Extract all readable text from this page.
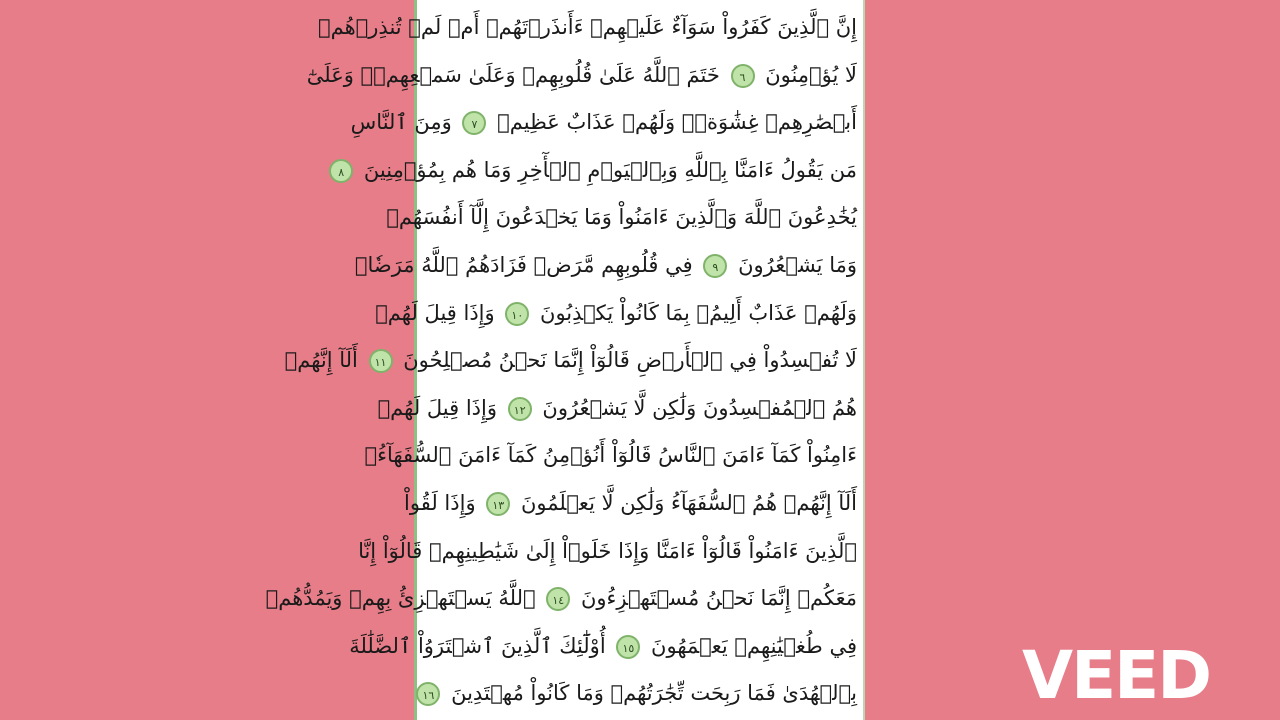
إِنَّ ٱلَّذِينَ كَفَرُواْ سَوَآءٌ عَلَيۡهِمۡ ءَأَنذَرۡتَهُمۡ أَمۡ لَمۡ تُنذِرۡهُمۡ
لَا يُؤۡمِنُونَ ٦ خَتَمَ ٱللَّهُ عَلَىٰ قُلُوبِهِمۡ وَعَلَىٰ سَمۡعِهِمۡۖ وَعَلَىٰٓ
أَبۡصَٰرِهِمۡ غِشَٰوَةٞۖ وَلَهُمۡ عَذَابٌ عَظِيمٞ ٧ وَمِنَ ٱلنَّاسِ
مَن يَقُولُ ءَامَنَّا بِٱللَّهِ وَبِٱلۡيَوۡمِ ٱلۡأٓخِرِ وَمَا هُم بِمُؤۡمِنِينَ ٨
يُخَٰدِعُونَ ٱللَّهَ وَٱلَّذِينَ ءَامَنُواْ وَمَا يَخۡدَعُونَ إِلَّآ أَنفُسَهُمۡ
وَمَا يَشۡعُرُونَ ٩ فِي قُلُوبِهِم مَّرَضٞ فَزَادَهُمُ ٱللَّهُ مَرَضٗاۖ
وَلَهُمۡ عَذَابٌ أَلِيمُۢ بِمَا كَانُواْ يَكۡذِبُونَ ١٠ وَإِذَا قِيلَ لَهُمۡ
لَا تُفۡسِدُواْ فِي ٱلۡأَرۡضِ قَالُوٓاْ إِنَّمَا نَحۡنُ مُصۡلِحُونَ ١١ أَلَآ إِنَّهُمۡ
هُمُ ٱلۡمُفۡسِدُونَ وَلَٰكِن لَّا يَشۡعُرُونَ ١٢ وَإِذَا قِيلَ لَهُمۡ
ءَامِنُواْ كَمَآ ءَامَنَ ٱلنَّاسُ قَالُوٓاْ أَنُؤۡمِنُ كَمَآ ءَامَنَ ٱلسُّفَهَآءُۗ
أَلَآ إِنَّهُمۡ هُمُ ٱلسُّفَهَآءُ وَلَٰكِن لَّا يَعۡلَمُونَ ١٣ وَإِذَا لَقُواْ
ٱلَّذِينَ ءَامَنُواْ قَالُوٓاْ ءَامَنَّا وَإِذَا خَلَوۡاْ إِلَىٰ شَيَٰطِينِهِمۡ قَالُوٓاْ إِنَّا
مَعَكُمۡ إِنَّمَا نَحۡنُ مُسۡتَهۡزِءُونَ ١٤ ٱللَّهُ يَسۡتَهۡزِئُ بِهِمۡ وَيَمُدُّهُمۡ
فِي طُغۡيَٰنِهِمۡ يَعۡمَهُونَ ١٥ أُوْلَٰٓئِكَ ٱلَّذِينَ ٱشۡتَرَوُاْ ٱلضَّلَٰلَةَ
بِٱلۡهُدَىٰ فَمَا رَبِحَت تِّجَٰرَتُهُمۡ وَمَا كَانُواْ مُهۡتَدِينَ ١٦	VEED
